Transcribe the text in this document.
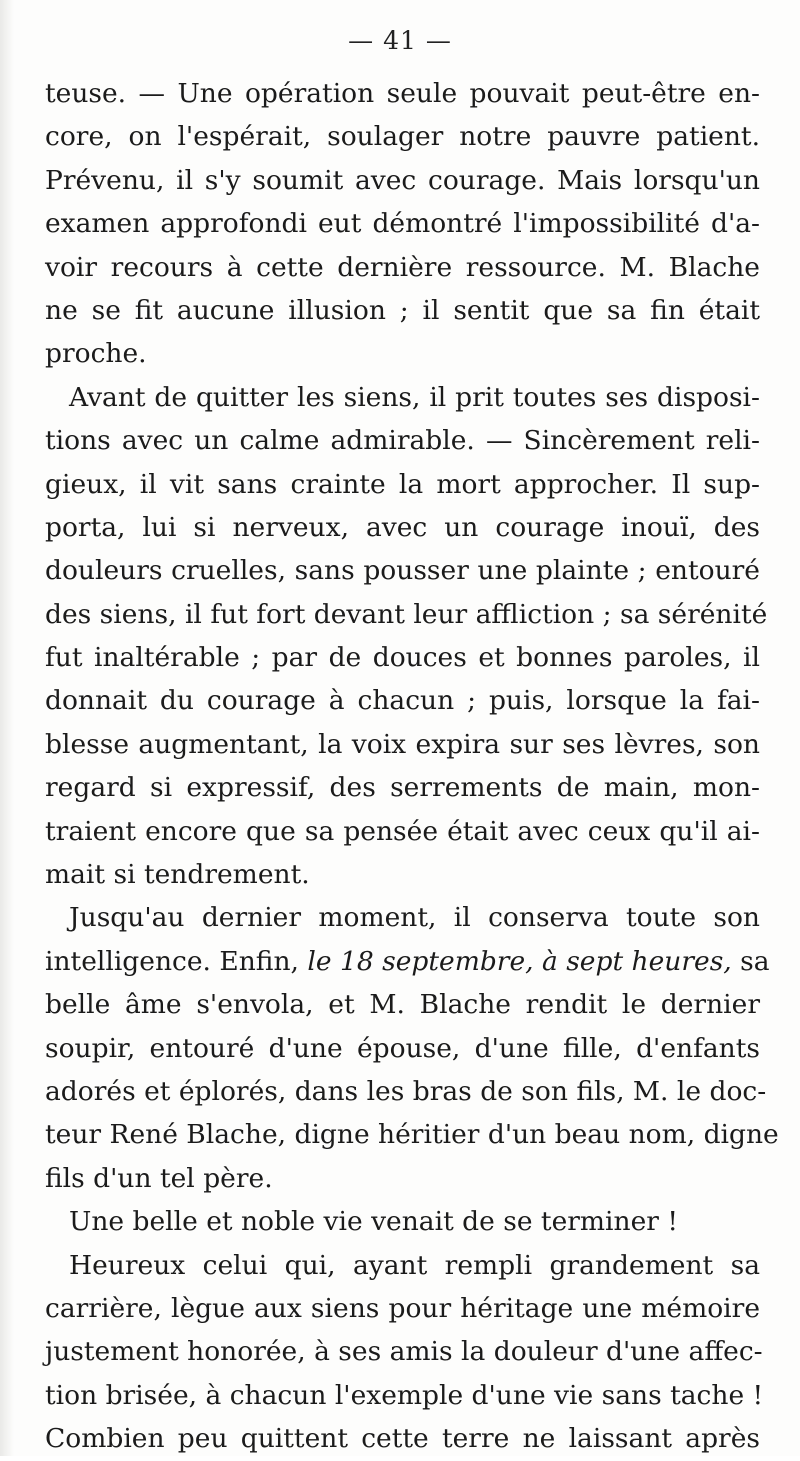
— 41 —
teuse. — Une opération seule pouvait peut-être en-
core, on l'espérait, soulager notre pauvre patient.
Prévenu, il s'y soumit avec courage. Mais lorsqu'un
examen approfondi eut démontré l'impossibilité d'a-
voir recours à cette dernière ressource. M. Blache
ne se fit aucune illusion ; il sentit que sa fin était
proche.
Avant de quitter les siens, il prit toutes ses disposi-
tions avec un calme admirable. — Sincèrement reli-
gieux, il vit sans crainte la mort approcher. Il sup-
porta, lui si nerveux, avec un courage inouï, des
douleurs cruelles, sans pousser une plainte ; entouré
des siens, il fut fort devant leur affliction ; sa sérénité
fut inaltérable ; par de douces et bonnes paroles, il
donnait du courage à chacun ; puis, lorsque la fai-
blesse augmentant, la voix expira sur ses lèvres, son
regard si expressif, des serrements de main, mon-
traient encore que sa pensée était avec ceux qu'il ai-
mait si tendrement.
Jusqu'au dernier moment, il conserva toute son
intelligence. Enfin, le 18 septembre, à sept heures, sa
belle âme s'envola, et M. Blache rendit le dernier
soupir, entouré d'une épouse, d'une fille, d'enfants
adorés et éplorés, dans les bras de son fils, M. le doc-
teur René Blache, digne héritier d'un beau nom, digne
fils d'un tel père.
Une belle et noble vie venait de se terminer !
Heureux celui qui, ayant rempli grandement sa
carrière, lègue aux siens pour héritage une mémoire
justement honorée, à ses amis la douleur d'une affec-
tion brisée, à chacun l'exemple d'une vie sans tache !
Combien peu quittent cette terre ne laissant après
